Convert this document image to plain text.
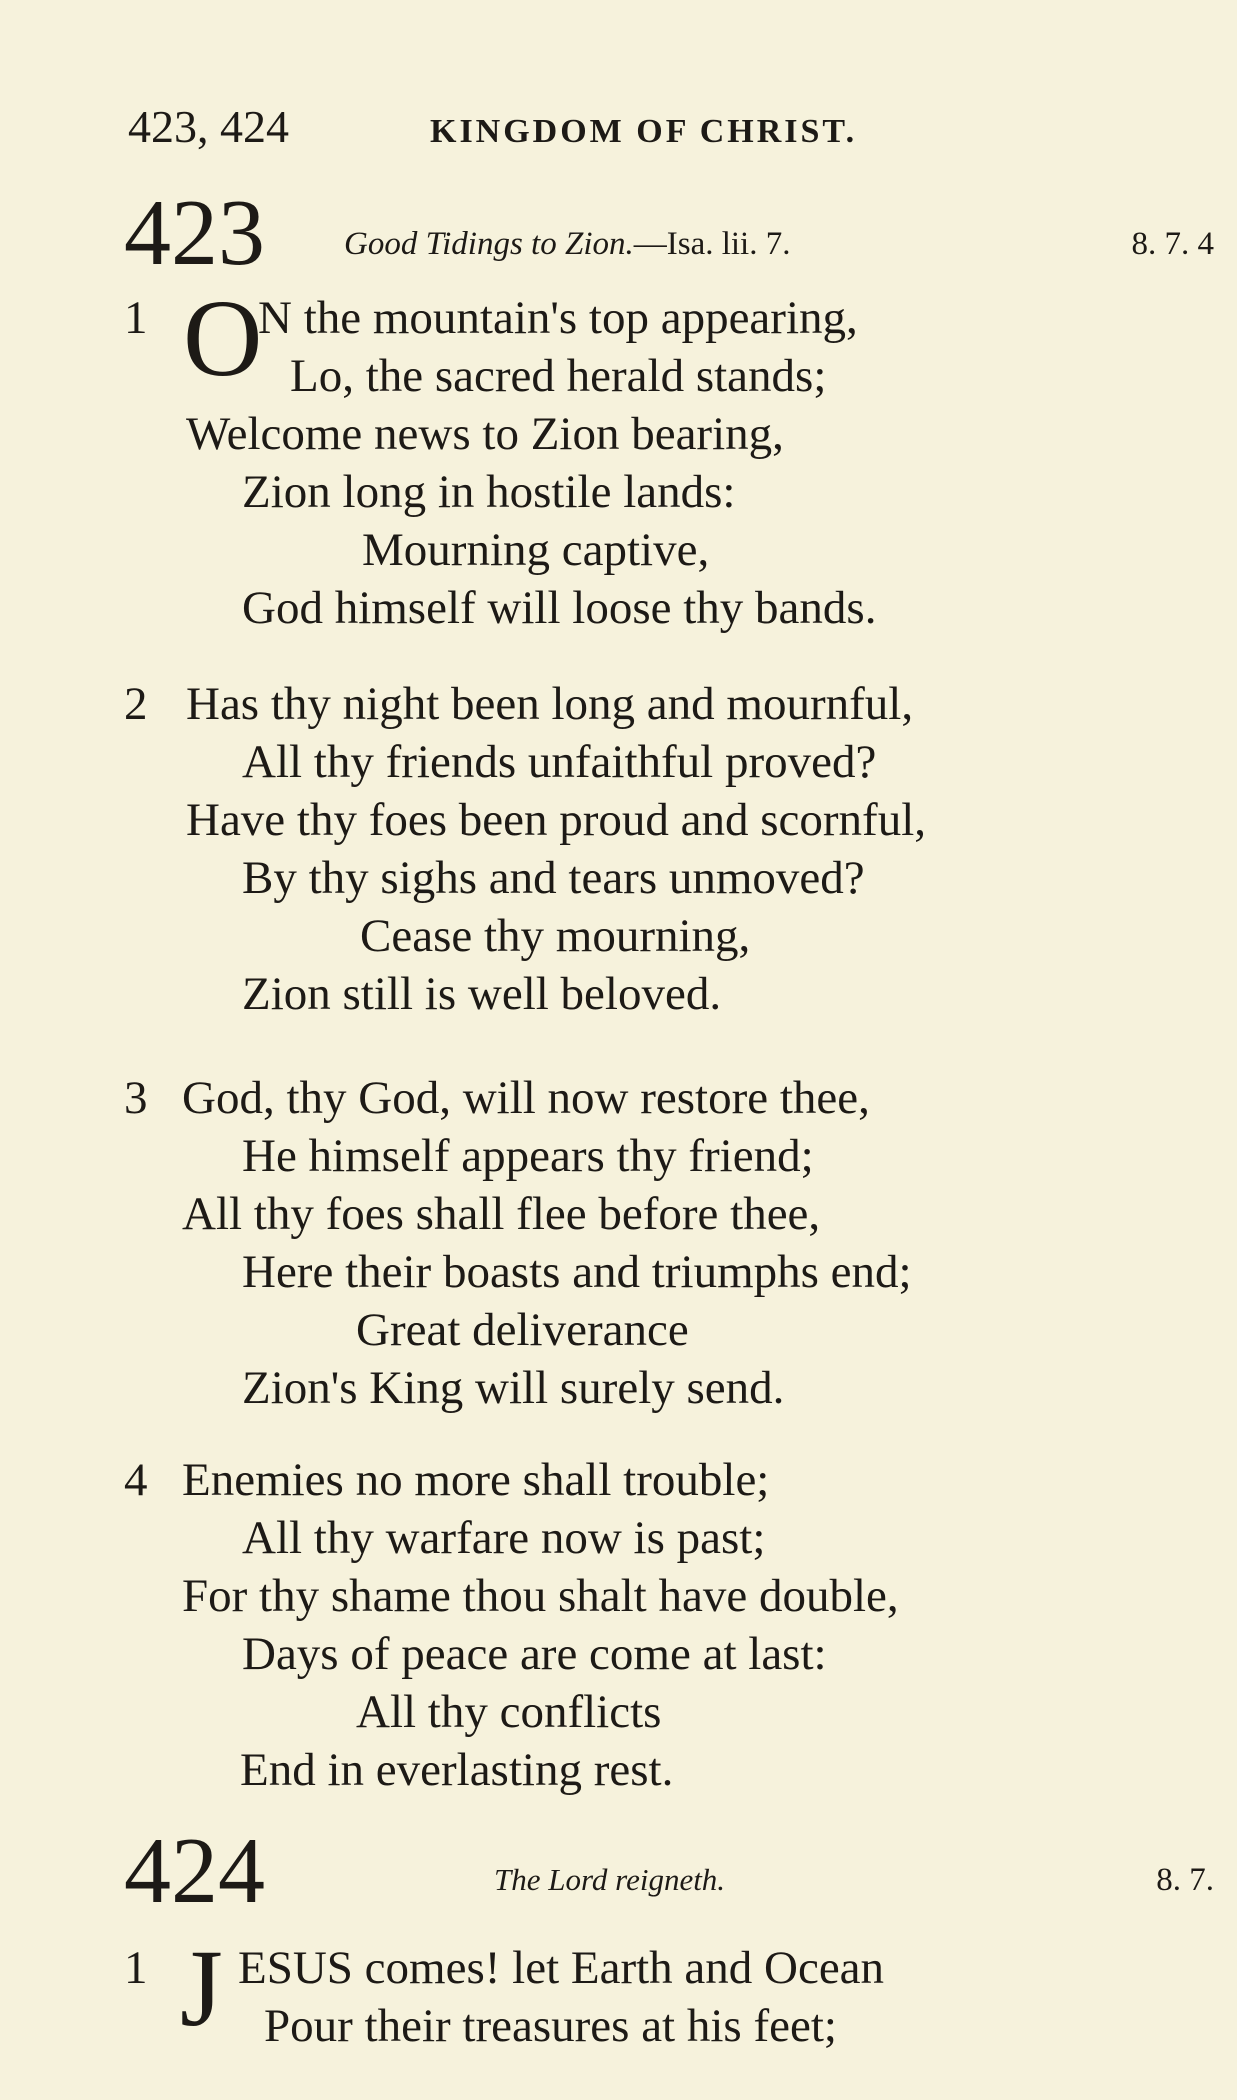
423, 424	KINGDOM OF CHRIST.
423 Good Tidings to Zion.—Isa. lii. 7.	8. 7. 4
1 O
N the mountain's top appearing,
Lo, the sacred herald stands;
Welcome news to Zion bearing,
Zion long in hostile lands:
Mourning captive,
God himself will loose thy bands.
2 Has thy night been long and mournful,
All thy friends unfaithful proved?
Have thy foes been proud and scornful,
By thy sighs and tears unmoved?
Cease thy mourning,
Zion still is well beloved.
3 God, thy God, will now restore thee,
He himself appears thy friend;
All thy foes shall flee before thee,
Here their boasts and triumphs end;
Great deliverance
Zion's King will surely send.
4 Enemies no more shall trouble;
All thy warfare now is past;
For thy shame thou shalt have double,
Days of peace are come at last:
All thy conflicts
End in everlasting rest.
424	The Lord reigneth.	8. 7.
1 J ESUS comes! let Earth and Ocean
Pour their treasures at his feet;
